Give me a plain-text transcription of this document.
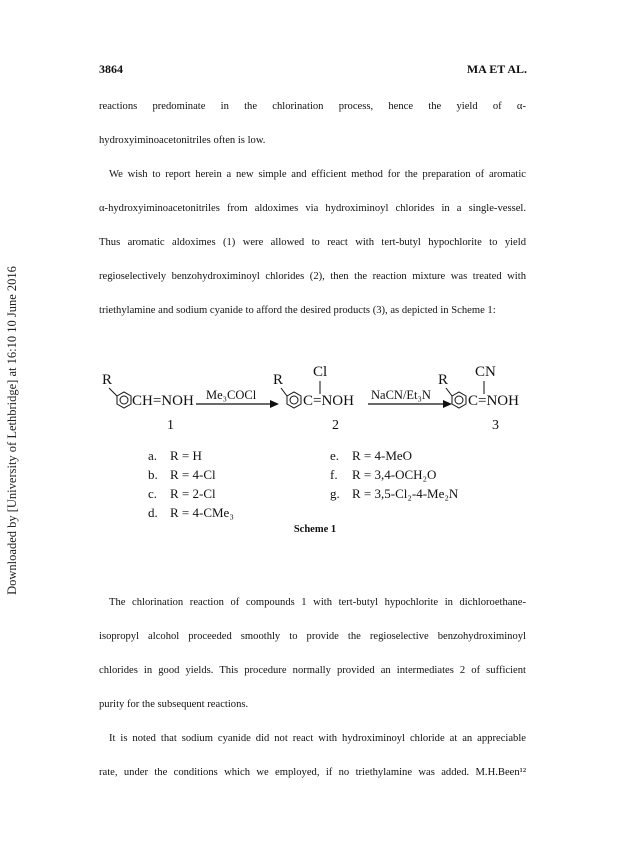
Downloaded by [University of Lethbridge] at 16:10 10 June 2016
3864	MA ET AL.
reactions predominate in the chlorination process, hence the yield of α-
hydroxyiminoacetonitriles often is low.
We wish to report herein a new simple and efficient method for the preparation of aromatic
α-hydroxyiminoacetonitriles from aldoximes via hydroximinoyl chlorides in a single-vessel.
Thus aromatic aldoximes (1) were allowed to react with tert-butyl hypochlorite to yield
regioselectively benzohydroximinoyl chlorides (2), then the reaction mixture was treated with
triethylamine and sodium cyanide to afford the desired products (3), as depicted in Scheme 1:
R
CH=NOH Me₃COCl
R Cl
C=NOH NaCN/Et₃N
R CN
C=NOH
1	2	3
a. R = H
b. R = 4-Cl
c. R = 2-Cl
d. R = 4-CMe₃
e. R = 4-MeO
f. R = 3,4-OCH₂O
g. R = 3,5-Cl₂-4-Me₂N
Scheme 1
The chlorination reaction of compounds 1 with tert-butyl hypochlorite in dichloroethane-
isopropyl alcohol proceeded smoothly to provide the regioselective benzohydroximinoyl
chlorides in good yields. This procedure normally provided an intermediates 2 of sufficient
purity for the subsequent reactions.
It is noted that sodium cyanide did not react with hydroximinoyl chloride at an appreciable
rate, under the conditions which we employed, if no triethylamine was added. M.H.Been¹²
